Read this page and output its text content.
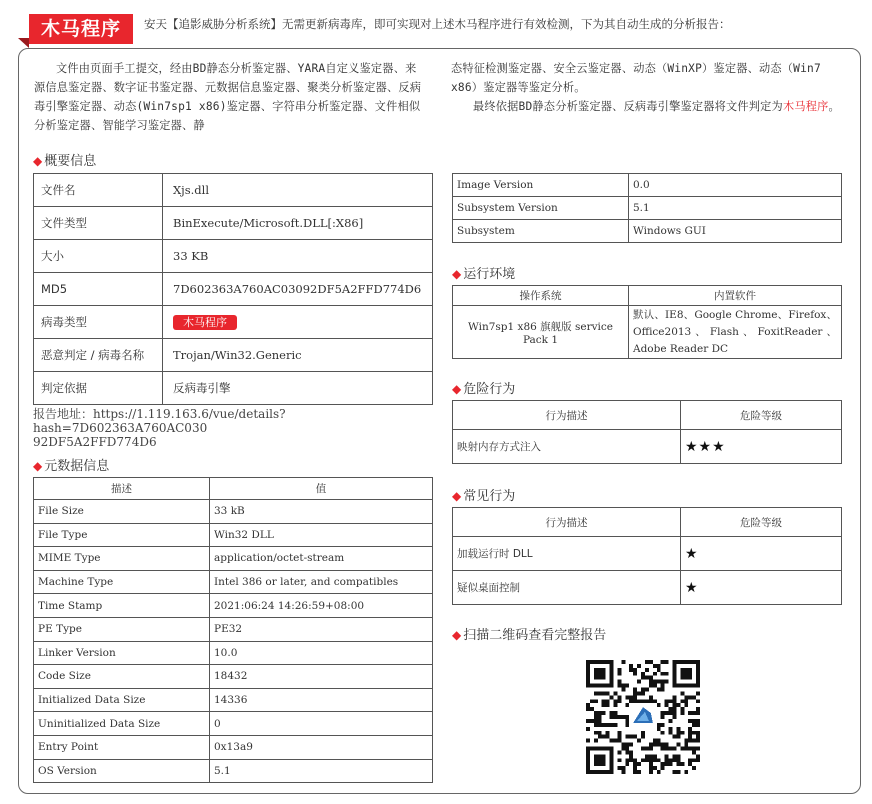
木马程序	安天【追影威胁分析系统】无需更新病毒库，即可实现对上述木马程序进行有效检测，下为其自动生成的分析报告：
文件由页面手工提交，经由BD静态分析鉴定器、YARA自定义鉴定器、来源信息鉴定器、数字证书鉴定器、元数据信息鉴定器、聚类分析鉴定器、反病毒引擎鉴定器、动态(Win7sp1 x86)鉴定器、字符串分析鉴定器、文件相似分析鉴定器、智能学习鉴定器、静
态特征检测鉴定器、安全云鉴定器、动态（WinXP）鉴定器、动态（Win7 x86）鉴定器等鉴定分析。
最终依据BD静态分析鉴定器、反病毒引擎鉴定器将文件判定为木马程序。
◆ 概要信息
文件名	Xjs.dll
文件类型	BinExecute/Microsoft.DLL[:X86]
大小	33 KB
MD5	7D602363A760AC03092DF5A2FFD774D6
病毒类型	木马程序
恶意判定 / 病毒名称	Trojan/Win32.Generic
判定依据	反病毒引擎
报告地址：https://1.119.163.6/vue/details?hash=7D602363A760AC030
92DF5A2FFD774D6
◆ 元数据信息
描述	值
File Size	33 kB
File Type	Win32 DLL
MIME Type	application/octet-stream
Machine Type	Intel 386 or later, and compatibles
Time Stamp	2021:06:24 14:26:59+08:00
PE Type	PE32
Linker Version	10.0
Code Size	18432
Initialized Data Size	14336
Uninitialized Data Size	0
Entry Point	0x13a9
OS Version	5.1
Image Version	0.0
Subsystem Version	5.1
Subsystem	Windows GUI
◆ 运行环境
操作系统	内置软件
Win7sp1 x86 旗舰版 service Pack 1	默认、IE8、Google Chrome、Firefox、Office2013、Flash、FoxitReader、Adobe Reader DC
◆ 危险行为
行为描述	危险等级
映射内存方式注入	★★★
◆ 常见行为
行为描述	危险等级
加载运行时 DLL	★
疑似桌面控制	★
◆ 扫描二维码查看完整报告
